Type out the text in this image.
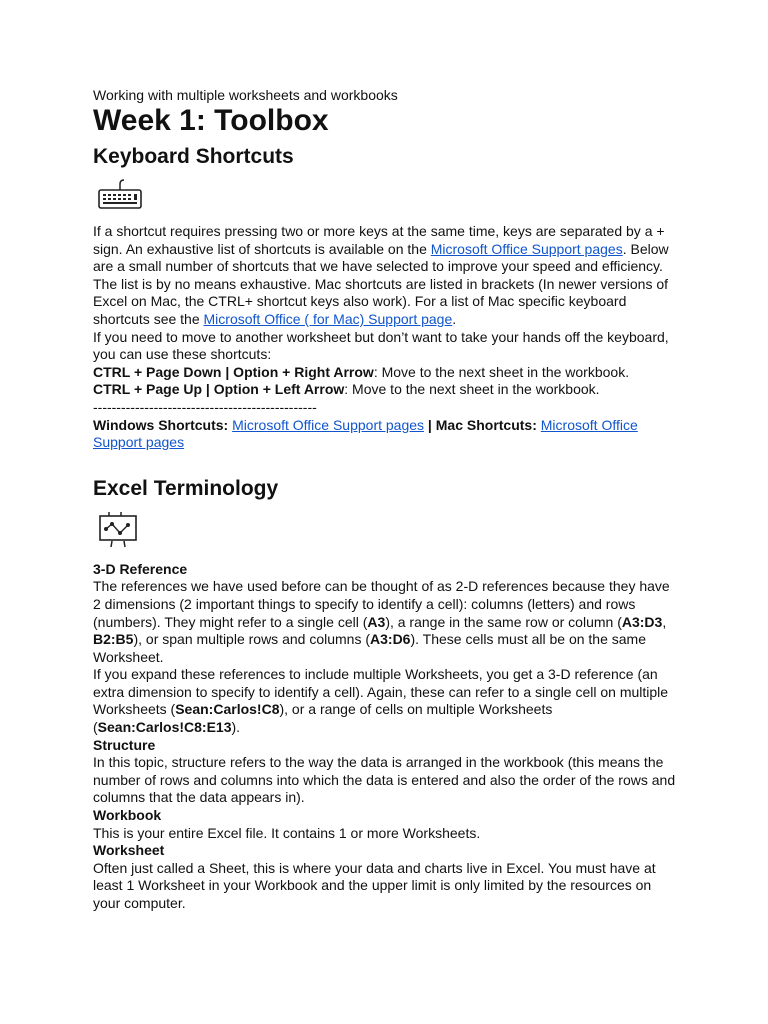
Working with multiple worksheets and workbooks
Week 1: Toolbox
Keyboard Shortcuts

If a shortcut requires pressing two or more keys at the same time, keys are separated by a + sign. An exhaustive list of shortcuts is available on the Microsoft Office Support pages. Below are a small number of shortcuts that we have selected to improve your speed and efficiency. The list is by no means exhaustive. Mac shortcuts are listed in brackets (In newer versions of Excel on Mac, the CTRL+ shortcut keys also work). For a list of Mac specific keyboard shortcuts see the Microsoft Office ( for Mac) Support page.

If you need to move to another worksheet but don’t want to take your hands off the keyboard, you can use these shortcuts:

CTRL + Page Down | Option + Right Arrow: Move to the next sheet in the workbook.

CTRL + Page Up | Option + Left Arrow: Move to the next sheet in the workbook.

------------------------------------------------

Windows Shortcuts: Microsoft Office Support pages | Mac Shortcuts: Microsoft Office Support pages

Excel Terminology
3-D Reference

The references we have used before can be thought of as 2-D references because they have 2 dimensions (2 important things to specify to identify a cell): columns (letters) and rows (numbers). They might refer to a single cell (A3), a range in the same row or column (A3:D3, B2:B5), or span multiple rows and columns (A3:D6). These cells must all be on the same Worksheet.

If you expand these references to include multiple Worksheets, you get a 3-D reference (an extra dimension to specify to identify a cell). Again, these can refer to a single cell on multiple Worksheets (Sean:Carlos!C8), or a range of cells on multiple Worksheets (Sean:Carlos!C8:E13).

Structure

In this topic, structure refers to the way the data is arranged in the workbook (this means the number of rows and columns into which the data is entered and also the order of the rows and columns that the data appears in).

Workbook

This is your entire Excel file. It contains 1 or more Worksheets.

Worksheet

Often just called a Sheet, this is where your data and charts live in Excel. You must have at least 1 Worksheet in your Workbook and the upper limit is only limited by the resources on your computer.
